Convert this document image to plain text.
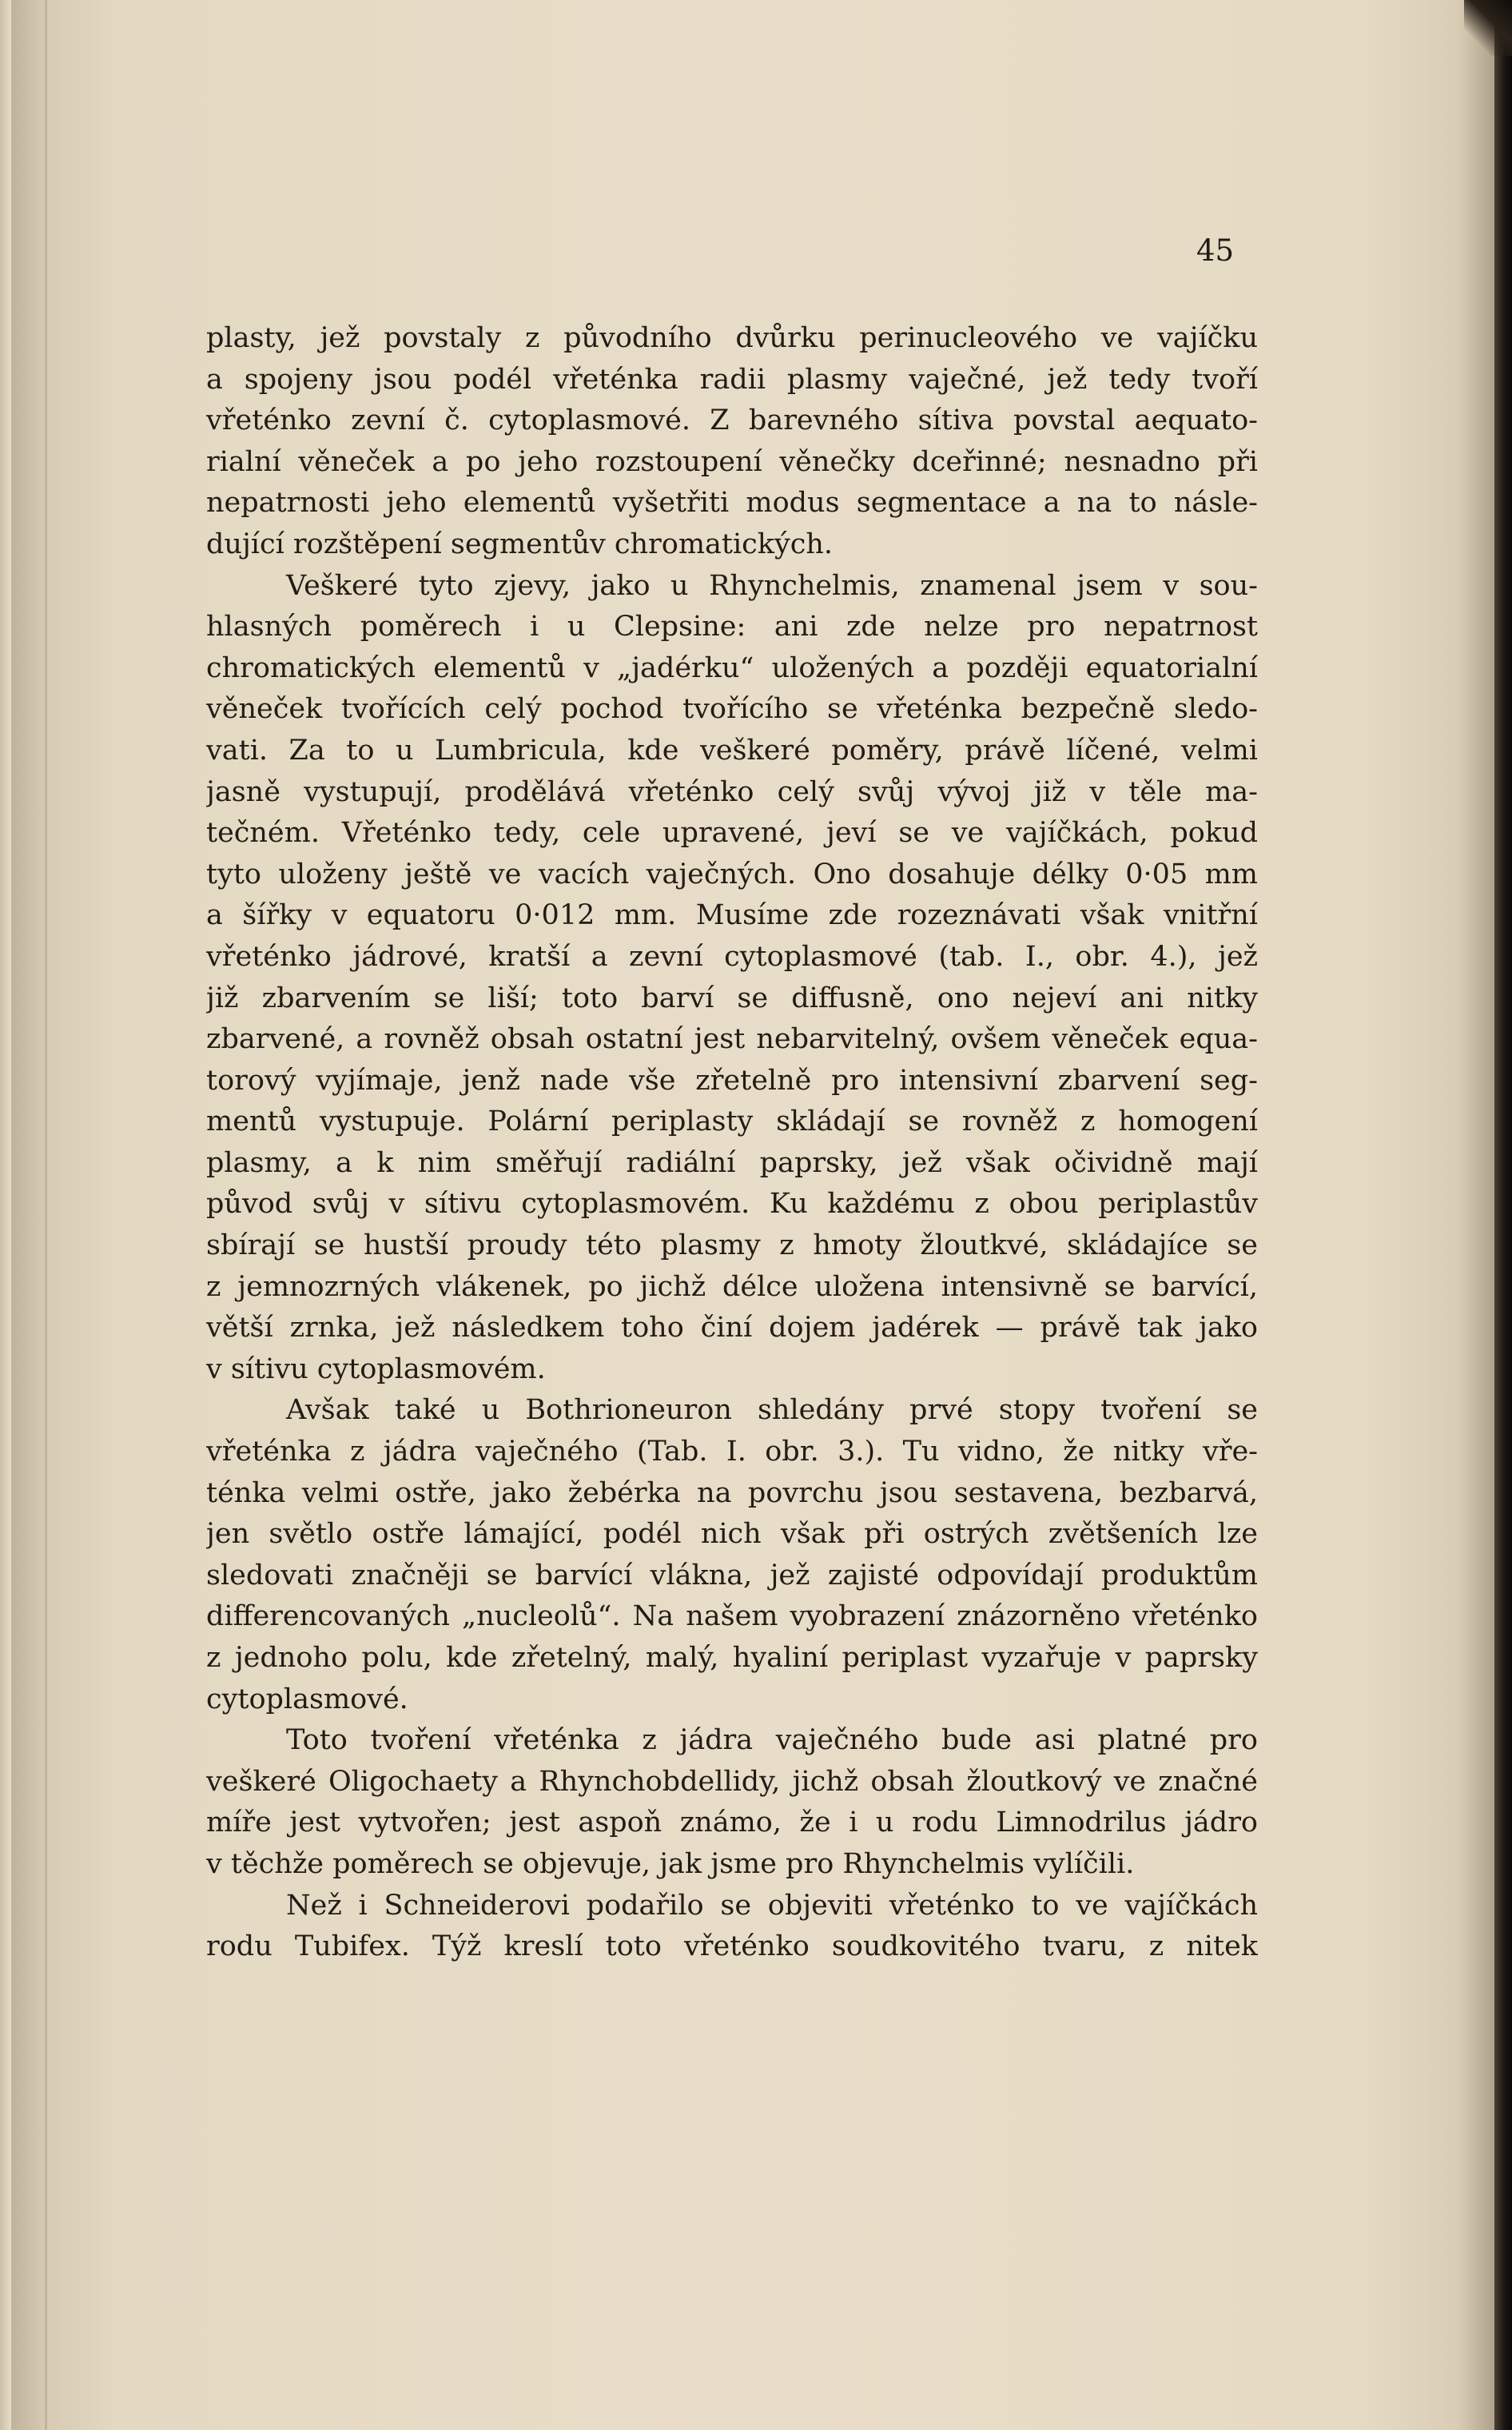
45
plasty, jež povstaly z původního dvůrku perinucleového ve vajíčku
a spojeny jsou podél vřeténka radii plasmy vaječné, jež tedy tvoří
vřeténko zevní č. cytoplasmové. Z barevného sítiva povstal aequato-
rialní věneček a po jeho rozstoupení věnečky dceřinné; nesnadno při
nepatrnosti jeho elementů vyšetřiti modus segmentace a na to násle-
dující rozštěpení segmentův chromatických.
Veškeré tyto zjevy, jako u Rhynchelmis, znamenal jsem v sou-
hlasných poměrech i u Clepsine: ani zde nelze pro nepatrnost
chromatických elementů v „jadérku“ uložených a později equatorialní
věneček tvořících celý pochod tvořícího se vřeténka bezpečně sledo-
vati. Za to u Lumbricula, kde veškeré poměry, právě líčené, velmi
jasně vystupují, prodělává vřeténko celý svůj vývoj již v těle ma-
tečném. Vřeténko tedy, cele upravené, jeví se ve vajíčkách, pokud
tyto uloženy ještě ve vacích vaječných. Ono dosahuje délky 0·05 mm
a šířky v equatoru 0·012 mm. Musíme zde rozeznávati však vnitřní
vřeténko jádrové, kratší a zevní cytoplasmové (tab. I., obr. 4.), jež
již zbarvením se liší; toto barví se diffusně, ono nejeví ani nitky
zbarvené, a rovněž obsah ostatní jest nebarvitelný, ovšem věneček equa-
torový vyjímaje, jenž nade vše zřetelně pro intensivní zbarvení seg-
mentů vystupuje. Polární periplasty skládají se rovněž z homogení
plasmy, a k nim směřují radiální paprsky, jež však očividně mají
původ svůj v sítivu cytoplasmovém. Ku každému z obou periplastův
sbírají se hustší proudy této plasmy z hmoty žloutkvé, skládajíce se
z jemnozrných vlákenek, po jichž délce uložena intensivně se barvící,
větší zrnka, jež následkem toho činí dojem jadérek — právě tak jako
v sítivu cytoplasmovém.
Avšak také u Bothrioneuron shledány prvé stopy tvoření se
vřeténka z jádra vaječného (Tab. I. obr. 3.). Tu vidno, že nitky vře-
ténka velmi ostře, jako žebérka na povrchu jsou sestavena, bezbarvá,
jen světlo ostře lámající, podél nich však při ostrých zvětšeních lze
sledovati značněji se barvící vlákna, jež zajisté odpovídají produktům
differencovaných „nucleolů“. Na našem vyobrazení znázorněno vřeténko
z jednoho polu, kde zřetelný, malý, hyaliní periplast vyzařuje v paprsky
cytoplasmové.
Toto tvoření vřeténka z jádra vaječného bude asi platné pro
veškeré Oligochaety a Rhynchobdellidy, jichž obsah žloutkový ve značné
míře jest vytvořen; jest aspoň známo, že i u rodu Limnodrilus jádro
v těchže poměrech se objevuje, jak jsme pro Rhynchelmis vylíčili.
Než i Schneiderovi podařilo se objeviti vřeténko to ve vajíčkách
rodu Tubifex. Týž kreslí toto vřeténko soudkovitého tvaru, z nitek
